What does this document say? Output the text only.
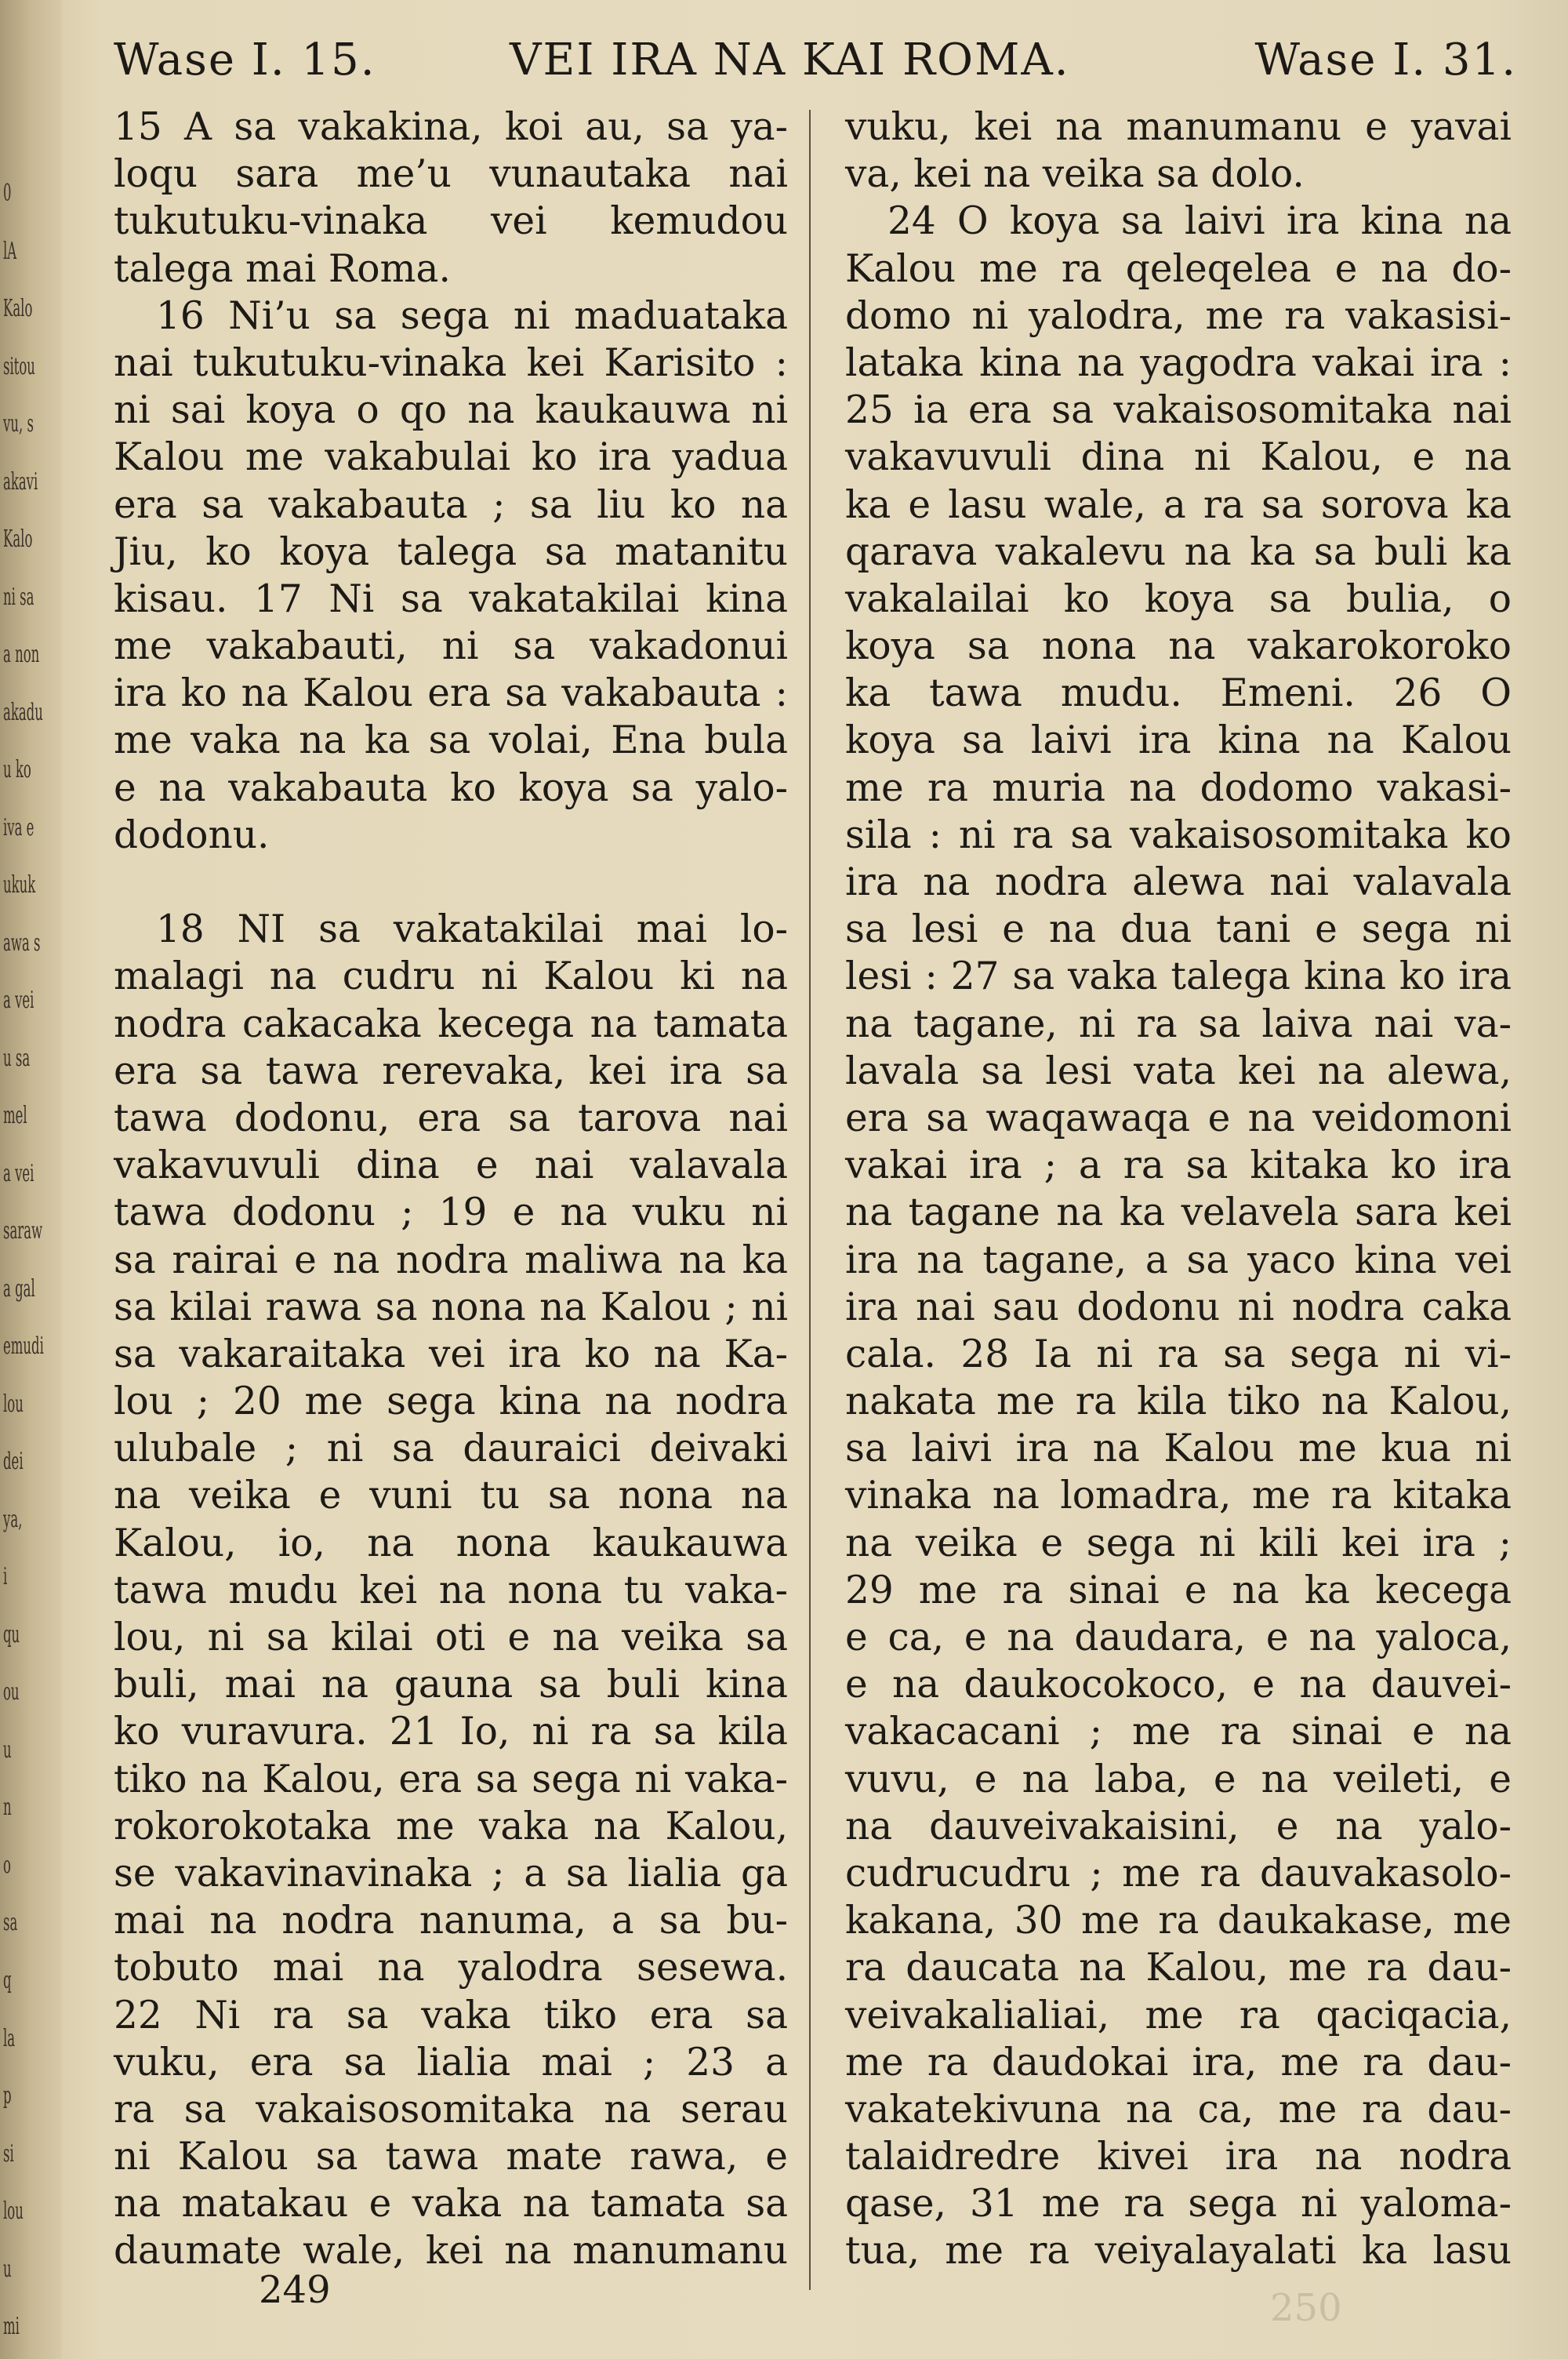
0
lA
Kalo
sitou
vu, s
akavi
Kalo
ni sa
a non
akadu
u ko
iva e
ukuk
awa s
a vei
u sa
mel
a vei
saraw
a gal
emudi
lou
dei
ya,
i
qu
ou
u
n
o
sa
q
la
p
si
lou
u
mi
Wase I. 15.	VEI IRA NA KAI ROMA.	Wase I. 31.
15 A sa vakakina, koi au, sa ya-
loqu sara me’u vunautaka nai
tukutuku-vinaka vei kemudou
talega mai Roma.
16 Ni’u sa sega ni maduataka
nai tukutuku-vinaka kei Karisito :
ni sai koya o qo na kaukauwa ni
Kalou me vakabulai ko ira yadua
era sa vakabauta ; sa liu ko na
Jiu, ko koya talega sa matanitu
kisau. 17 Ni sa vakatakilai kina
me vakabauti, ni sa vakadonui
ira ko na Kalou era sa vakabauta :
me vaka na ka sa volai, Ena bula
e na vakabauta ko koya sa yalo-
dodonu.
18 NI sa vakatakilai mai lo-
malagi na cudru ni Kalou ki na
nodra cakacaka kecega na tamata
era sa tawa rerevaka, kei ira sa
tawa dodonu, era sa tarova nai
vakavuvuli dina e nai valavala
tawa dodonu ; 19 e na vuku ni
sa rairai e na nodra maliwa na ka
sa kilai rawa sa nona na Kalou ; ni
sa vakaraitaka vei ira ko na Ka-
lou ; 20 me sega kina na nodra
ulubale ; ni sa dauraici deivaki
na veika e vuni tu sa nona na
Kalou, io, na nona kaukauwa
tawa mudu kei na nona tu vaka-
lou, ni sa kilai oti e na veika sa
buli, mai na gauna sa buli kina
ko vuravura. 21 Io, ni ra sa kila
tiko na Kalou, era sa sega ni vaka-
rokorokotaka me vaka na Kalou,
se vakavinavinaka ; a sa lialia ga
mai na nodra nanuma, a sa bu-
tobuto mai na yalodra sesewa.
22 Ni ra sa vaka tiko era sa
vuku, era sa lialia mai ; 23 a
ra sa vakaisosomitaka na serau
ni Kalou sa tawa mate rawa, e
na matakau e vaka na tamata sa
daumate wale, kei na manumanu
vuku, kei na manumanu e yavai
va, kei na veika sa dolo.
24 O koya sa laivi ira kina na
Kalou me ra qeleqelea e na do-
domo ni yalodra, me ra vakasisi-
lataka kina na yagodra vakai ira :
25 ia era sa vakaisosomitaka nai
vakavuvuli dina ni Kalou, e na
ka e lasu wale, a ra sa sorova ka
qarava vakalevu na ka sa buli ka
vakalailai ko koya sa bulia, o
koya sa nona na vakarokoroko
ka tawa mudu. Emeni. 26 O
koya sa laivi ira kina na Kalou
me ra muria na dodomo vakasi-
sila : ni ra sa vakaisosomitaka ko
ira na nodra alewa nai valavala
sa lesi e na dua tani e sega ni
lesi : 27 sa vaka talega kina ko ira
na tagane, ni ra sa laiva nai va-
lavala sa lesi vata kei na alewa,
era sa waqawaqa e na veidomoni
vakai ira ; a ra sa kitaka ko ira
na tagane na ka velavela sara kei
ira na tagane, a sa yaco kina vei
ira nai sau dodonu ni nodra caka
cala. 28 Ia ni ra sa sega ni vi-
nakata me ra kila tiko na Kalou,
sa laivi ira na Kalou me kua ni
vinaka na lomadra, me ra kitaka
na veika e sega ni kili kei ira ;
29 me ra sinai e na ka kecega
e ca, e na daudara, e na yaloca,
e na daukocokoco, e na dauvei-
vakacacani ; me ra sinai e na
vuvu, e na laba, e na veileti, e
na dauveivakaisini, e na yalo-
cudrucudru ; me ra dauvakasolo-
kakana, 30 me ra daukakase, me
ra daucata na Kalou, me ra dau-
veivakalialiai, me ra qaciqacia,
me ra daudokai ira, me ra dau-
vakatekivuna na ca, me ra dau-
talaidredre kivei ira na nodra
qase, 31 me ra sega ni yaloma-
tua, me ra veiyalayalati ka lasu
249	250
